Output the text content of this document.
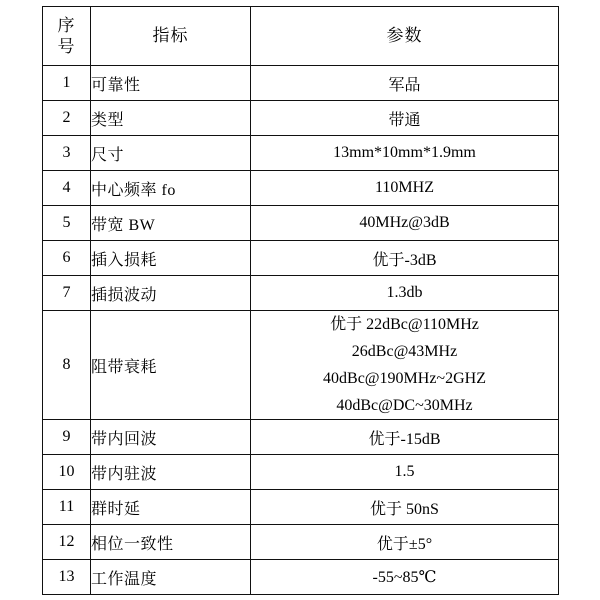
序
号	指标	参数
1	可靠性	军品
2	类型	带通
3	尺寸	13mm*10mm*1.9mm
4	中心频率 fo	110MHZ
5	带宽 BW	40MHz@3dB
6	插入损耗	优于-3dB
7	插损波动	1.3db
8	阻带衰耗	优于 22dBc@110MHz
26dBc@43MHz
40dBc@190MHz~2GHZ
40dBc@DC~30MHz

9	带内回波	优于-15dB
10	带内驻波	1.5
11	群时延	优于 50nS
12	相位一致性	优于±5°
13	工作温度	-55~85℃
